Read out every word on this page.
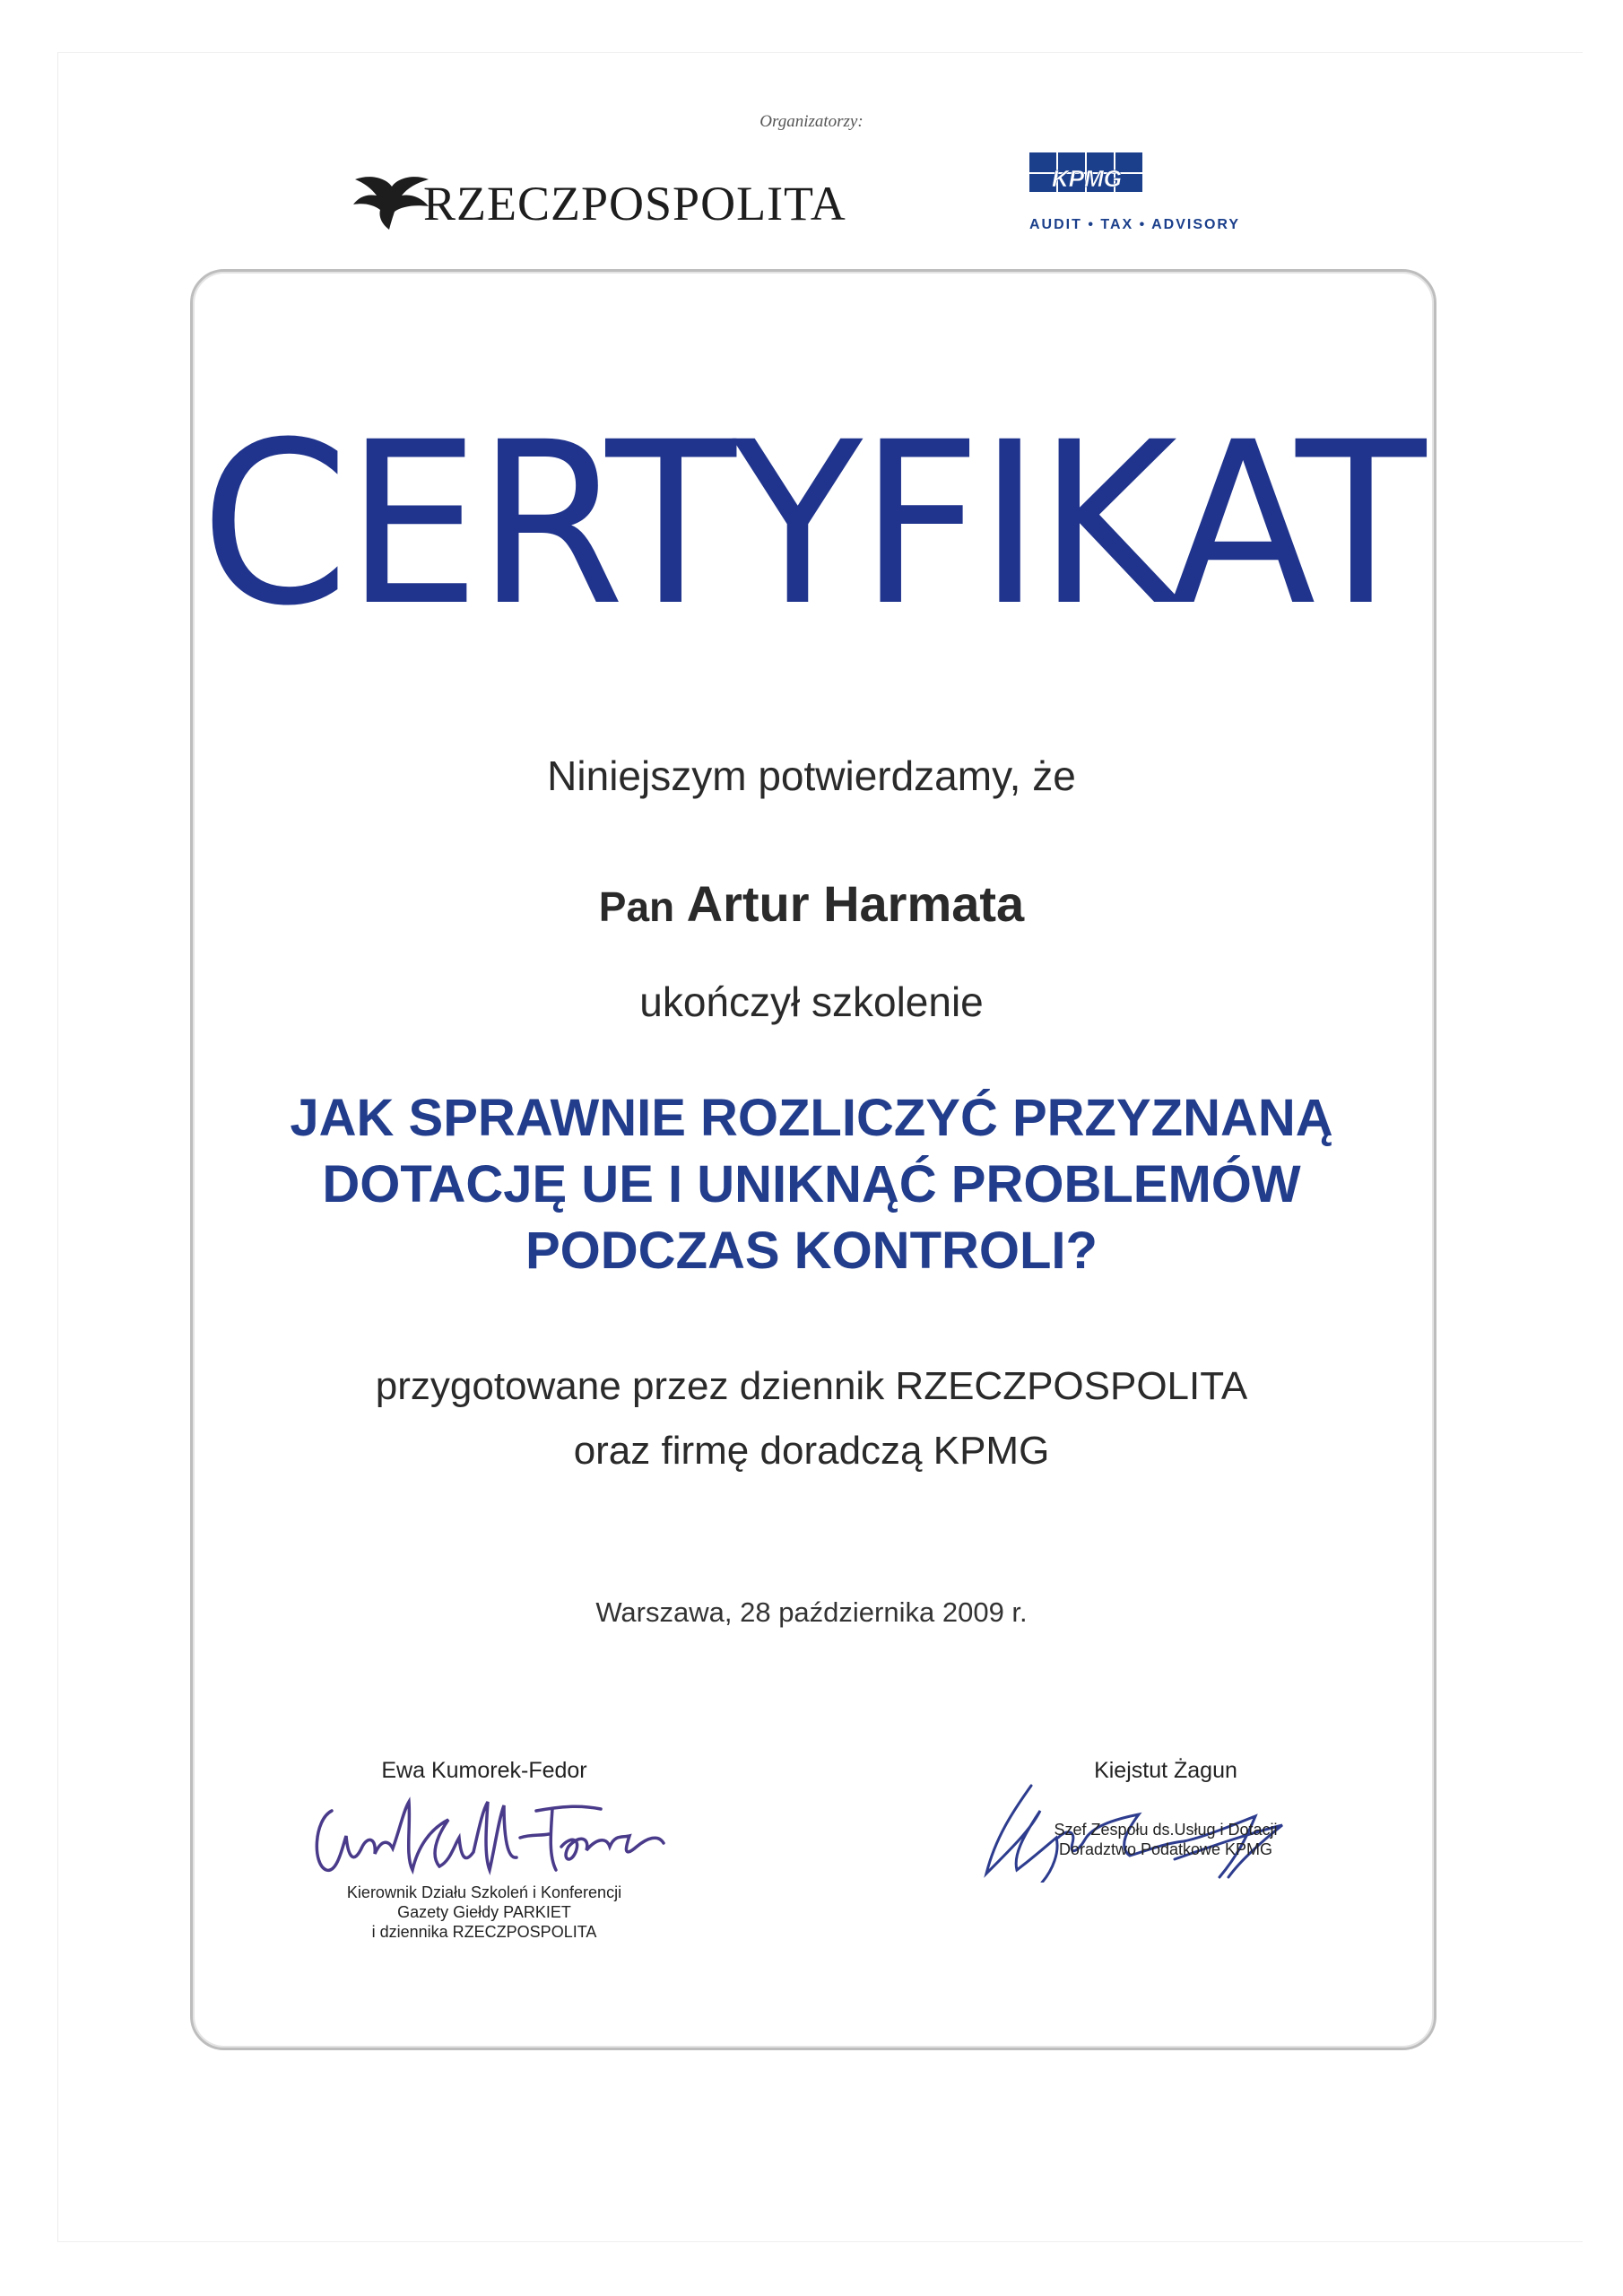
Organizatorzy:
RZECZPOSPOLITA	KPMG
AUDIT • TAX • ADVISORY
CERTYFIKAT
Niniejszym potwierdzamy, że
Pan Artur Harmata
ukończył szkolenie
JAK SPRAWNIE ROZLICZYĆ PRZYZNANĄ
DOTACJĘ UE I UNIKNĄĆ PROBLEMÓW
PODCZAS KONTROLI?
przygotowane przez dziennik RZECZPOSPOLITA
oraz firmę doradczą KPMG
Warszawa, 28 października 2009 r.
Ewa Kumorek-Fedor
Kierownik Działu Szkoleń i Konferencji
Gazety Giełdy PARKIET
i dziennika RZECZPOSPOLITA
Kiejstut Żagun
Szef Zespołu ds.Usług i Dotacji
Doradztwo Podatkowe KPMG
